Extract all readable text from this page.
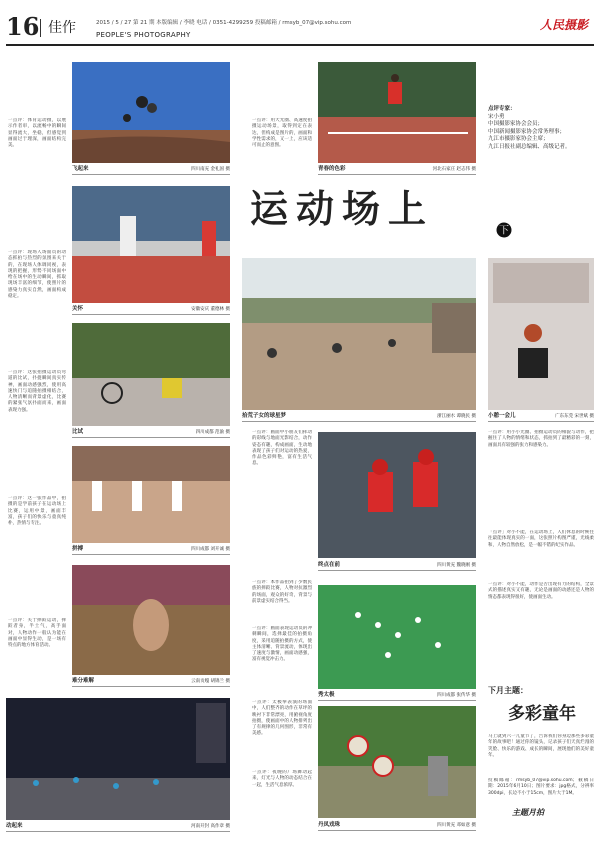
16 佳作	2015 / 5 / 27 第 21 期 本版编辑 / 李晓 电话 / 0351-4299259 投稿邮箱 / rmsyb_07@vip.sohu.com
PEOPLE'S PHOTOGRAPHY
人民摄影
飞起来	四川南充 金礼国 摄	青春的色彩	河北石家庄 赵志伟 摄
一点评：体育运动摄，以展示作者审，以流畅中的瞬间显得流大，坐稳，但感觉到画面过于理深，画面结构完美。
一点评：用大光圈、高速度拍摄运动场景，取得到定在表达，但构成是图片的，画面和学性需求的，又一上，应该适可而止的意图。
点评专家：
宋小勇
中国摄影家协会会员；
中国新闻摄影家协会常务理事；
九江市摄影家协会主席；
九江日报社副总编辑、高级记者。
运动场上	下
关怀	安徽安庆 董德林 摄
一点评：现场人场面员的动态抓拍与热烈的氛围来关于的，在现场人体调同视，表现的把握，形势不同场面中给在场中的生动瞬间，抓取现场丰富的细节，使照片的感染力真实自然，画面构成稳定。
拾荒子女的球星梦	浙江丽水 谭晓民 摄 小憩一会儿	广东东莞 宋世斌 摄
比试	四川成都 范渝 摄
一点评：这张拍摄运动员弯道的比试，扑捉瞬间真实传神，画面动感强烈，使用高速快门与追随拍摄相结合，人物清晰而背景虚化，比赛的紧张气氛扑面而来，画面表现力强。
一点评：画面中小朋友们挥动的彩线与地面光影结合，动作姿态有趣，构成画面，生动地表现了孩子们对运动的热爱，作品色彩鲜艳，富有生活气息。
一点评：用小小光圈、拍摄运动员的相貌与动作，把握住了人物的情绪和状态，抓拍到了最精彩的一刻，画面具有较强的张力和感染力。
拼搏	四川成都 刘开诚 摄
一点评：这一张作品中，拍摄的是学前孩子在运动场上比赛，运用中景，画面丰富，孩子们的快乐与童真纯朴，热情与专注。
终点在前	四川黄充 魏晓刚 摄
「点评」对小不能，在运动场上，人们休息的时候往往最能体现真实的一面，这张照片构图严谨，光线柔和，人物自然放松，是一幅不错的纪实作品。
一点评：本作品拍到了少数民族的摔跤比赛，人物对抗激烈的场面，观众的好奇，背景与前景虚实结合得当。
难分难解	云南贡嘎 胡锦兰 摄
一点评：关于摔跤运动，摔跤者身，半土气，高手面对，人物动作一般认为能在画面中显得生动，是一场有特点的地方体育活动。
秀太极	四川成都 张传华 摄
一点评：太极拳表演的场面中，人们整齐的动作在草坪的映衬下非常漂亮，用俯视角度拍摄，使画面中的人物排列出了有规律的几何图形，非常有美感。
下月主题：
多彩童年
马上就到六一儿童节了，告诉我们你身边那些多彩童年的故事吧！通过你的镜头，记录孩子们天真烂漫的笑脸、快乐的游戏、成长的瞬间，展现他们的美好童年。
投稿邮箱：rmsyb_07@vip.sohu.com；截稿日期：2015年6月10日；图片要求：jpg格式，分辨率300dpi，长边不小于15cm，图片大于1M。
主题月拍
动起来	河南开封 高作章 摄
一点评：夜晚的广场舞动起来，灯光与人物的动态结合在一起，生活气息浓厚。
丹凤戏珠	四川黄充 邓如意 摄
一点评：画面表现运动员的冲刺瞬间，选择最佳的拍摄角度，采用追随拍摄的方式，使主体清晰、背景流动，体现出了速度与激情，画面动感强，富有视觉冲击力。
一点评：对小不能，动作是否出现有力的结构，全景式的描述真实又有趣，无论是画面的动感还是人物的情态都表现得很好，使画面生动。
